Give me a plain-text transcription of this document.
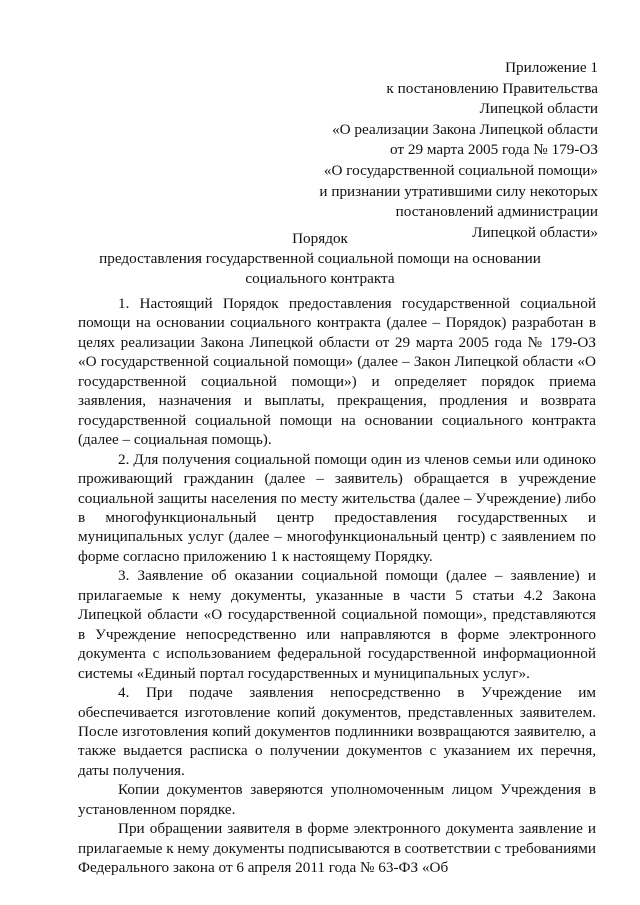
Приложение 1
к постановлению Правительства
Липецкой области
«О реализации Закона Липецкой области
от 29 марта 2005 года № 179-ОЗ
«О государственной социальной помощи»
и признании утратившими силу некоторых
постановлений администрации
Липецкой области»
Порядок
предоставления государственной социальной помощи на основании
социального контракта

1. Настоящий Порядок предоставления государственной социальной помощи на основании социального контракта (далее – Порядок) разработан в целях реализации Закона Липецкой области от 29 марта 2005 года № 179-ОЗ «О государственной социальной помощи» (далее – Закон Липецкой области «О государственной социальной помощи») и определяет порядок приема заявления, назначения и выплаты, прекращения, продления и возврата государственной социальной помощи на основании социального контракта (далее – социальная помощь).

2. Для получения социальной помощи один из членов семьи или одиноко проживающий гражданин (далее – заявитель) обращается в учреждение социальной защиты населения по месту жительства (далее – Учреждение) либо в многофункциональный центр предоставления государственных и муниципальных услуг (далее – многофункциональный центр) с заявлением по форме согласно приложению 1 к настоящему Порядку.

3. Заявление об оказании социальной помощи (далее – заявление) и прилагаемые к нему документы, указанные в части 5 статьи 4.2 Закона Липецкой области «О государственной социальной помощи», представляются в Учреждение непосредственно или направляются в форме электронного документа с использованием федеральной государственной информационной системы «Единый портал государственных и муниципальных услуг».

4. При подаче заявления непосредственно в Учреждение им обеспечивается изготовление копий документов, представленных заявителем. После изготовления копий документов подлинники возвращаются заявителю, а также выдается расписка о получении документов с указанием их перечня, даты получения.

Копии документов заверяются уполномоченным лицом Учреждения в установленном порядке.

При обращении заявителя в форме электронного документа заявление и прилагаемые к нему документы подписываются в соответствии с требованиями Федерального закона от 6 апреля 2011 года № 63-ФЗ «Об
